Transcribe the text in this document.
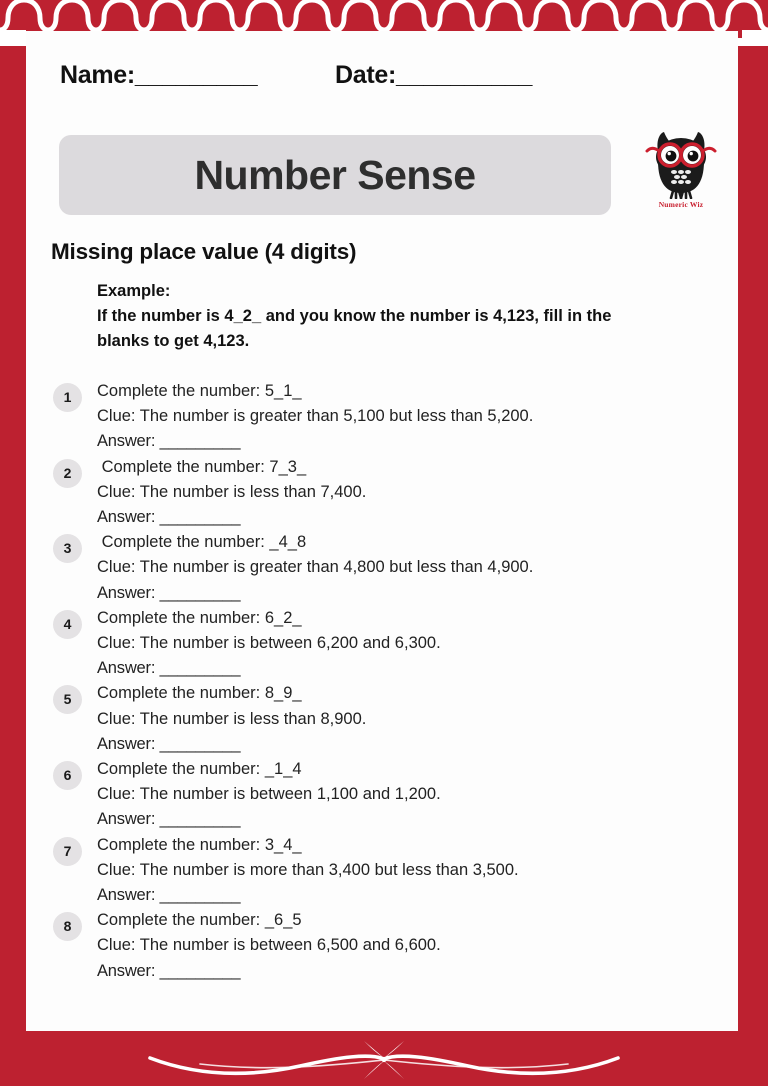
Name:_________	Date:__________
Number Sense
Numeric Wiz
Missing place value (4 digits)
Example:
If the number is 4_2_ and you know the number is 4,123, fill in the
blanks to get 4,123.
1	Complete the number: 5_1_
Clue: The number is greater than 5,100 but less than 5,200.
Answer: _________
2	Complete the number: 7_3_
Clue: The number is less than 7,400.
Answer: _________
3	Complete the number: _4_8
Clue: The number is greater than 4,800 but less than 4,900.
Answer: _________
4	Complete the number: 6_2_
Clue: The number is between 6,200 and 6,300.
Answer: _________
5	Complete the number: 8_9_
Clue: The number is less than 8,900.
Answer: _________
6	Complete the number: _1_4
Clue: The number is between 1,100 and 1,200.
Answer: _________
7	Complete the number: 3_4_
Clue: The number is more than 3,400 but less than 3,500.
Answer: _________
8	Complete the number: _6_5
Clue: The number is between 6,500 and 6,600.
Answer: _________
